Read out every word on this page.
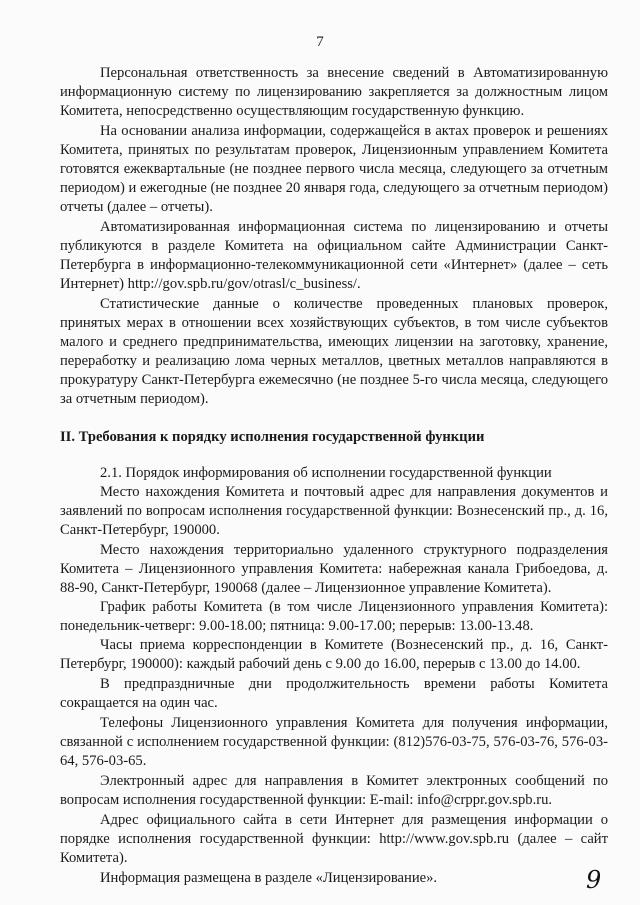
7

Персональная ответственность за внесение сведений в Автоматизированную информационную систему по лицензированию закрепляется за должностным лицом Комитета, непосредственно осуществляющим государственную функцию.

На основании анализа информации, содержащейся в актах проверок и решениях Комитета, принятых по результатам проверок, Лицензионным управлением Комитета готовятся ежеквартальные (не позднее первого числа месяца, следующего за отчетным периодом) и ежегодные (не позднее 20 января года, следующего за отчетным периодом) отчеты (далее – отчеты).

Автоматизированная информационная система по лицензированию и отчеты публикуются в разделе Комитета на официальном сайте Администрации Санкт-Петербурга в информационно-телекоммуникационной сети «Интернет» (далее – сеть Интернет) http://gov.spb.ru/gov/otrasl/c_business/.

Статистические данные о количестве проведенных плановых проверок, принятых мерах в отношении всех хозяйствующих субъектов, в том числе субъектов малого и среднего предпринимательства, имеющих лицензии на заготовку, хранение, переработку и реализацию лома черных металлов, цветных металлов направляются в прокуратуру Санкт-Петербурга ежемесячно (не позднее 5-го числа месяца, следующего за отчетным периодом).

II. Требования к порядку исполнения государственной функции

2.1. Порядок информирования об исполнении государственной функции

Место нахождения Комитета и почтовый адрес для направления документов и заявлений по вопросам исполнения государственной функции: Вознесенский пр., д. 16, Санкт-Петербург, 190000.

Место нахождения территориально удаленного структурного подразделения Комитета – Лицензионного управления Комитета: набережная канала Грибоедова, д. 88-90, Санкт-Петербург, 190068 (далее – Лицензионное управление Комитета).

График работы Комитета (в том числе Лицензионного управления Комитета): понедельник-четверг: 9.00-18.00; пятница: 9.00-17.00; перерыв: 13.00-13.48.

Часы приема корреспонденции в Комитете (Вознесенский пр., д. 16, Санкт-Петербург, 190000): каждый рабочий день с 9.00 до 16.00, перерыв с 13.00 до 14.00.

В предпраздничные дни продолжительность времени работы Комитета сокращается на один час.

Телефоны Лицензионного управления Комитета для получения информации, связанной с исполнением государственной функции: (812)576-03-75, 576-03-76, 576-03-64, 576-03-65.

Электронный адрес для направления в Комитет электронных сообщений по вопросам исполнения государственной функции: E-mail: info@crppr.gov.spb.ru.

Адрес официального сайта в сети Интернет для размещения информации о порядке исполнения государственной функции: http://www.gov.spb.ru (далее – сайт Комитета).

Информация размещена в разделе «Лицензирование».	9
